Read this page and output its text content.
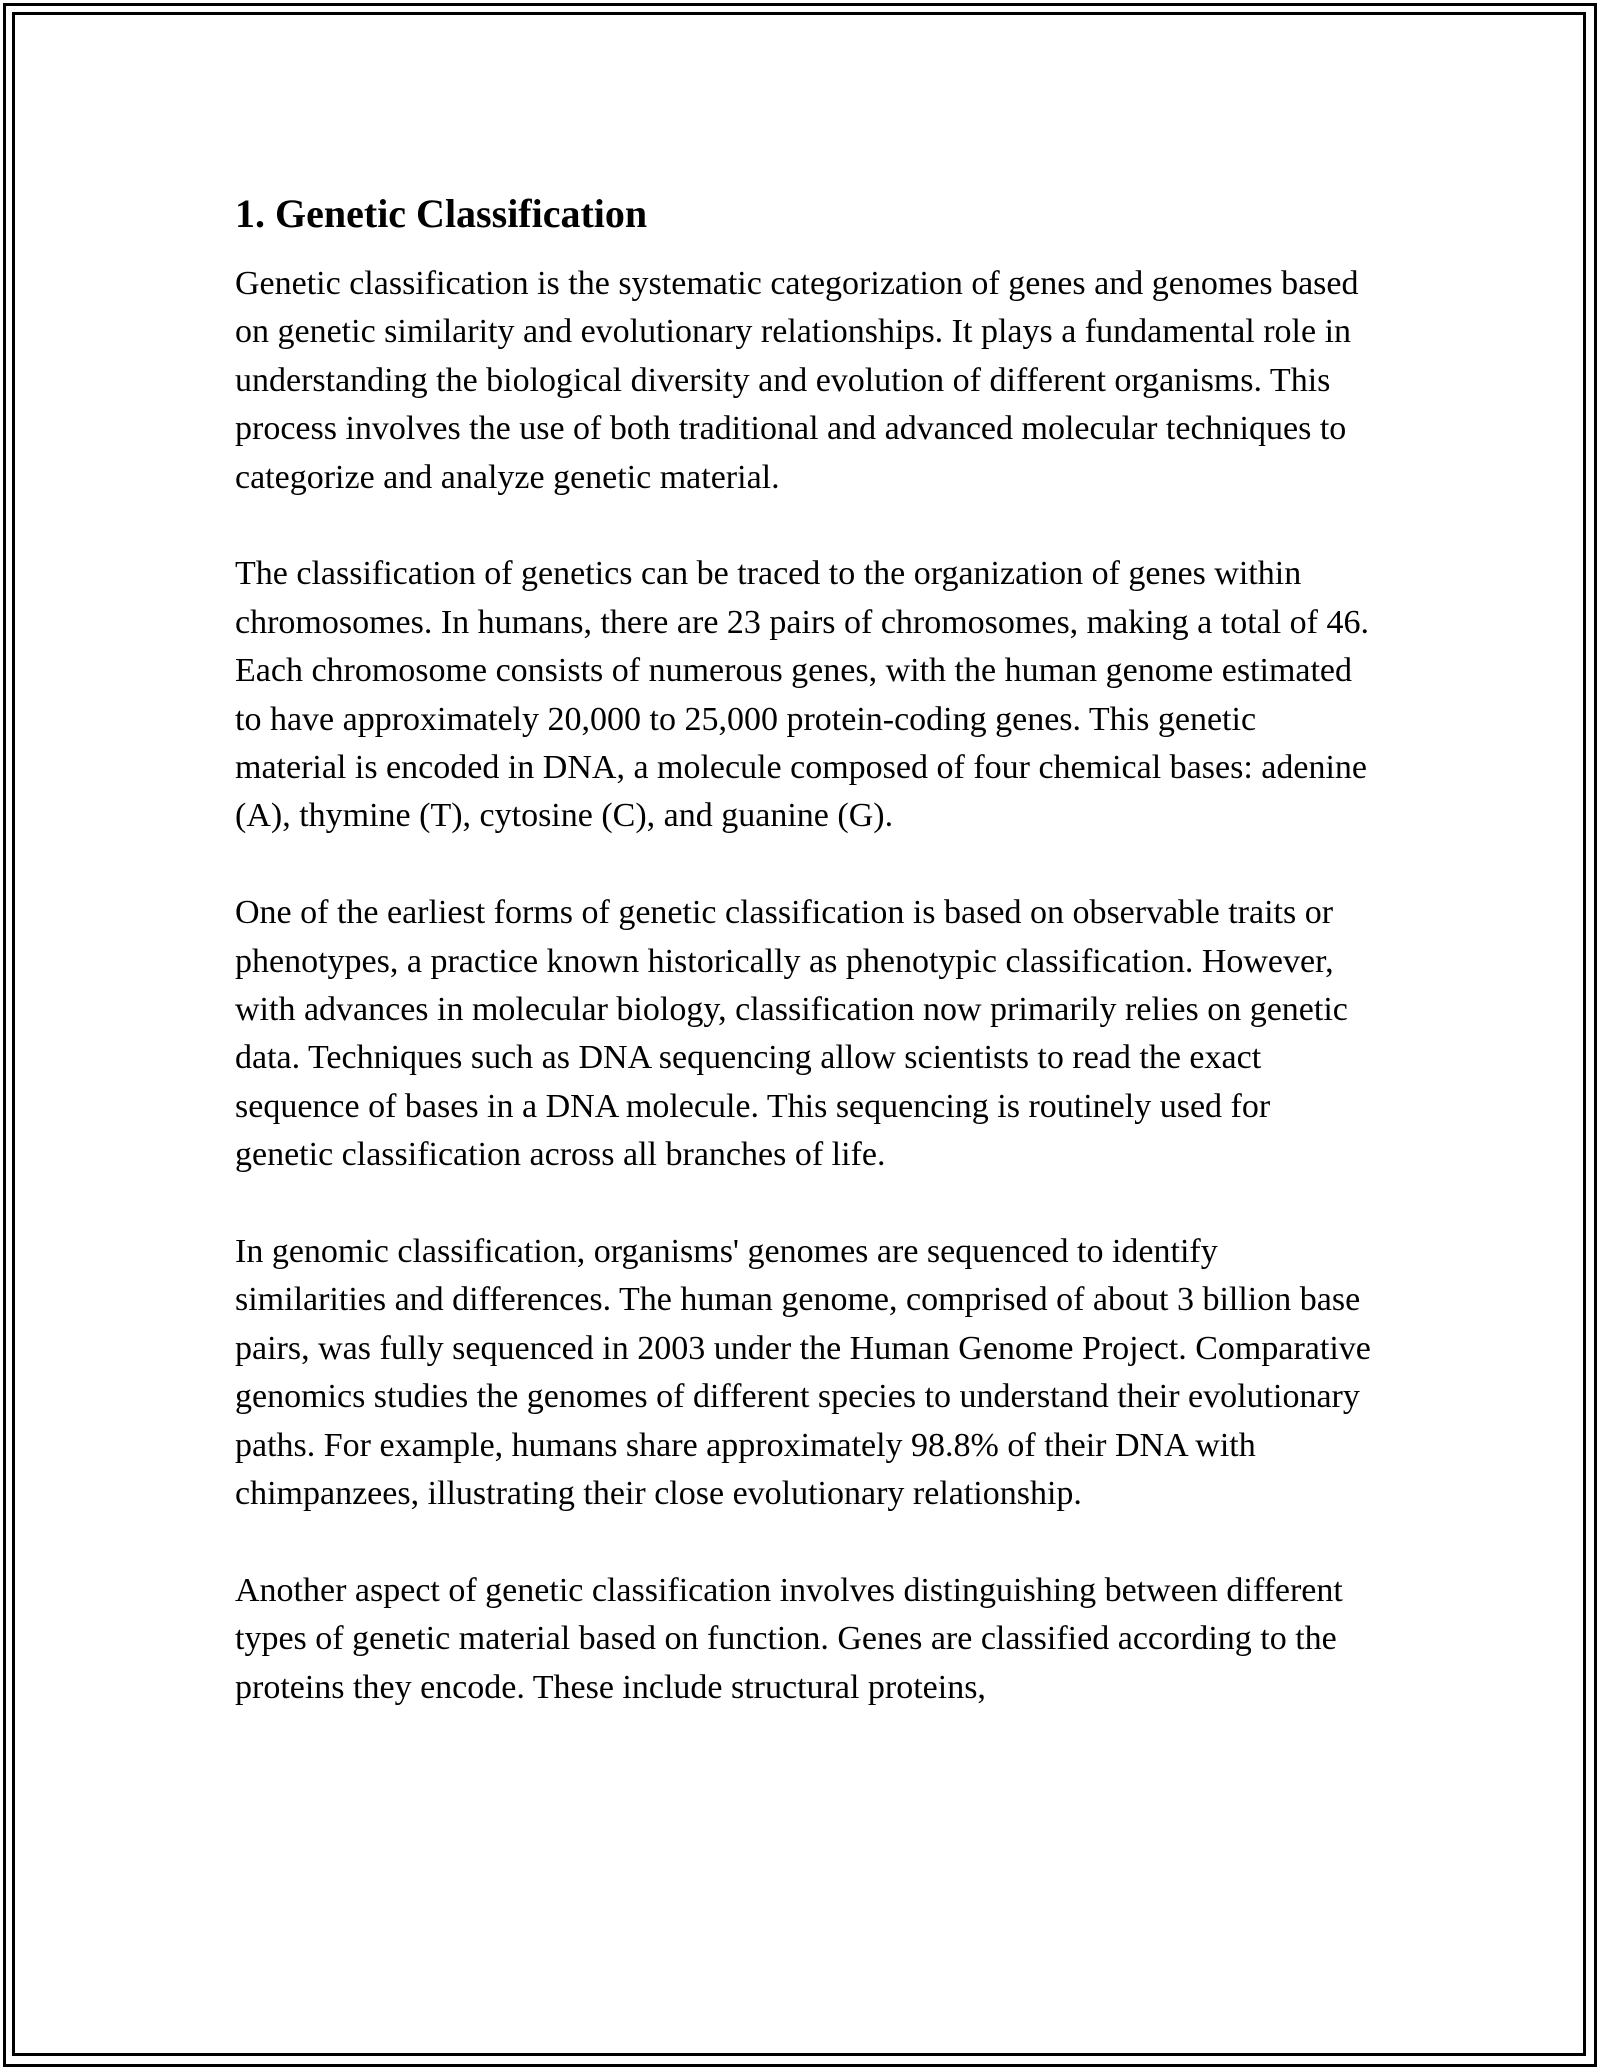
1. Genetic Classification

Genetic classification is the systematic categorization of genes and genomes based on genetic similarity and evolutionary relationships. It plays a fundamental role in understanding the biological diversity and evolution of different organisms. This process involves the use of both traditional and advanced molecular techniques to categorize and analyze genetic material.

The classification of genetics can be traced to the organization of genes within chromosomes. In humans, there are 23 pairs of chromosomes, making a total of 46. Each chromosome consists of numerous genes, with the human genome estimated to have approximately 20,000 to 25,000 protein-coding genes. This genetic material is encoded in DNA, a molecule composed of four chemical bases: adenine (A), thymine (T), cytosine (C), and guanine (G).

One of the earliest forms of genetic classification is based on observable traits or phenotypes, a practice known historically as phenotypic classification. However, with advances in molecular biology, classification now primarily relies on genetic data. Techniques such as DNA sequencing allow scientists to read the exact sequence of bases in a DNA molecule. This sequencing is routinely used for genetic classification across all branches of life.

In genomic classification, organisms' genomes are sequenced to identify similarities and differences. The human genome, comprised of about 3 billion base pairs, was fully sequenced in 2003 under the Human Genome Project. Comparative genomics studies the genomes of different species to understand their evolutionary paths. For example, humans share approximately 98.8% of their DNA with chimpanzees, illustrating their close evolutionary relationship.

Another aspect of genetic classification involves distinguishing between different types of genetic material based on function. Genes are classified according to the proteins they encode. These include structural proteins,
